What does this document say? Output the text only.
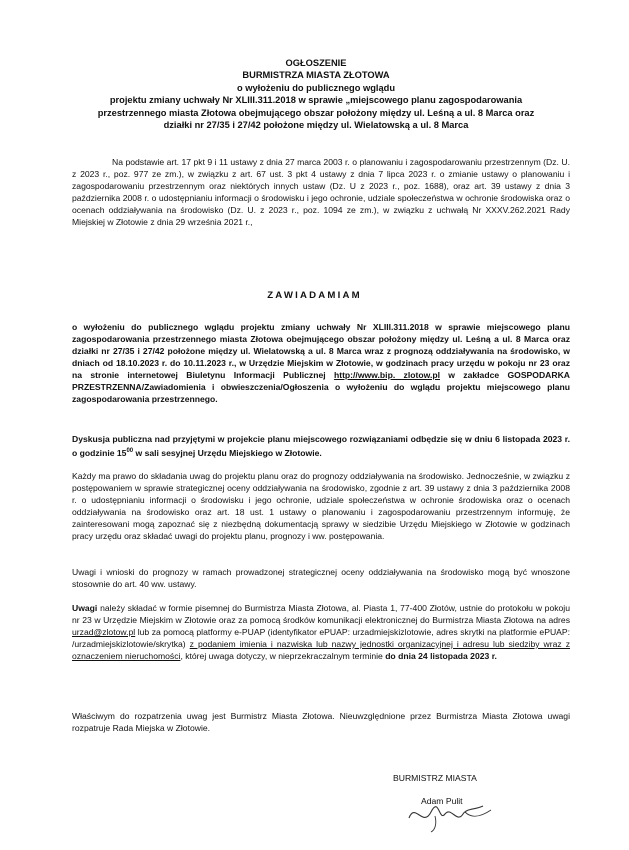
OGŁOSZENIE
BURMISTRZA MIASTA ZŁOTOWA
o wyłożeniu do publicznego wglądu
projektu zmiany uchwały Nr XLIII.311.2018 w sprawie „miejscowego planu zagospodarowania
przestrzennego miasta Złotowa obejmującego obszar położony między ul. Leśną a ul. 8 Marca oraz
działki nr 27/35 i 27/42 położone między ul. Wielatowską a ul. 8 Marca

Na podstawie art. 17 pkt 9 i 11 ustawy z dnia 27 marca 2003 r. o planowaniu i zagospodarowaniu przestrzennym (Dz. U. z 2023 r., poz. 977 ze zm.), w związku z art. 67 ust. 3 pkt 4 ustawy z dnia 7 lipca 2023 r. o zmianie ustawy o planowaniu i zagospodarowaniu przestrzennym oraz niektórych innych ustaw (Dz. U z 2023 r., poz. 1688), oraz art. 39 ustawy z dnia 3 października 2008 r. o udostępnianiu informacji o środowisku i jego ochronie, udziale społeczeństwa w ochronie środowiska oraz o ocenach oddziaływania na środowisko (Dz. U. z 2023 r., poz. 1094 ze zm.), w związku z uchwałą Nr XXXV.262.2021 Rady Miejskiej w Złotowie z dnia 29 września 2021 r.,

ZAWIADAMIAM

o wyłożeniu do publicznego wglądu projektu zmiany uchwały Nr XLIII.311.2018 w sprawie miejscowego planu zagospodarowania przestrzennego miasta Złotowa obejmującego obszar położony między ul. Leśną a ul. 8 Marca oraz działki nr 27/35 i 27/42 położone między ul. Wielatowską a ul. 8 Marca wraz z prognozą oddziaływania na środowisko, w dniach od 18.10.2023 r. do 10.11.2023 r., w Urzędzie Miejskim w Złotowie, w godzinach pracy urzędu w pokoju nr 23 oraz na stronie internetowej Biuletynu Informacji Publicznej http://www.bip. zlotow.pl w zakładce GOSPODARKA PRZESTRZENNA/Zawiadomienia i obwieszczenia/Ogłoszenia o wyłożeniu do wglądu projektu miejscowego planu zagospodarowania przestrzennego.

Dyskusja publiczna nad przyjętymi w projekcie planu miejscowego rozwiązaniami odbędzie się w dniu 6 listopada 2023 r. o godzinie $15^{00}$ w sali sesyjnej Urzędu Miejskiego w Złotowie.

Każdy ma prawo do składania uwag do projektu planu oraz do prognozy oddziaływania na środowisko. Jednocześnie, w związku z postępowaniem w sprawie strategicznej oceny oddziaływania na środowisko, zgodnie z art. 39 ustawy z dnia 3 października 2008 r. o udostępnianiu informacji o środowisku i jego ochronie, udziale społeczeństwa w ochronie środowiska oraz o ocenach oddziaływania na środowisko oraz art. 18 ust. 1 ustawy o planowaniu i zagospodarowaniu przestrzennym informuję, że zainteresowani mogą zapoznać się z niezbędną dokumentacją sprawy w siedzibie Urzędu Miejskiego w Złotowie w godzinach pracy urzędu oraz składać uwagi do projektu planu, prognozy i ww. postępowania.

Uwagi i wnioski do prognozy w ramach prowadzonej strategicznej oceny oddziaływania na środowisko mogą być wnoszone stosownie do art. 40 ww. ustawy.

Uwagi należy składać w formie pisemnej do Burmistrza Miasta Złotowa, al. Piasta 1, 77-400 Złotów, ustnie do protokołu w pokoju nr 23 w Urzędzie Miejskim w Złotowie oraz za pomocą środków komunikacji elektronicznej do Burmistrza Miasta Złotowa na adres urzad@zlotow.pl lub za pomocą platformy e-PUAP (identyfikator ePUAP: urzadmiejskizlotowie, adres skrytki na platformie ePUAP: /urzadmiejskizlotowie/skrytka) z podaniem imienia i nazwiska lub nazwy jednostki organizacyjnej i adresu lub siedziby wraz z oznaczeniem nieruchomości, której uwaga dotyczy, w nieprzekraczalnym terminie do dnia 24 listopada 2023 r.

Właściwym do rozpatrzenia uwag jest Burmistrz Miasta Złotowa. Nieuwzględnione przez Burmistrza Miasta Złotowa uwagi rozpatruje Rada Miejska w Złotowie.

BURMISTRZ MIASTA
Adam Pulit
